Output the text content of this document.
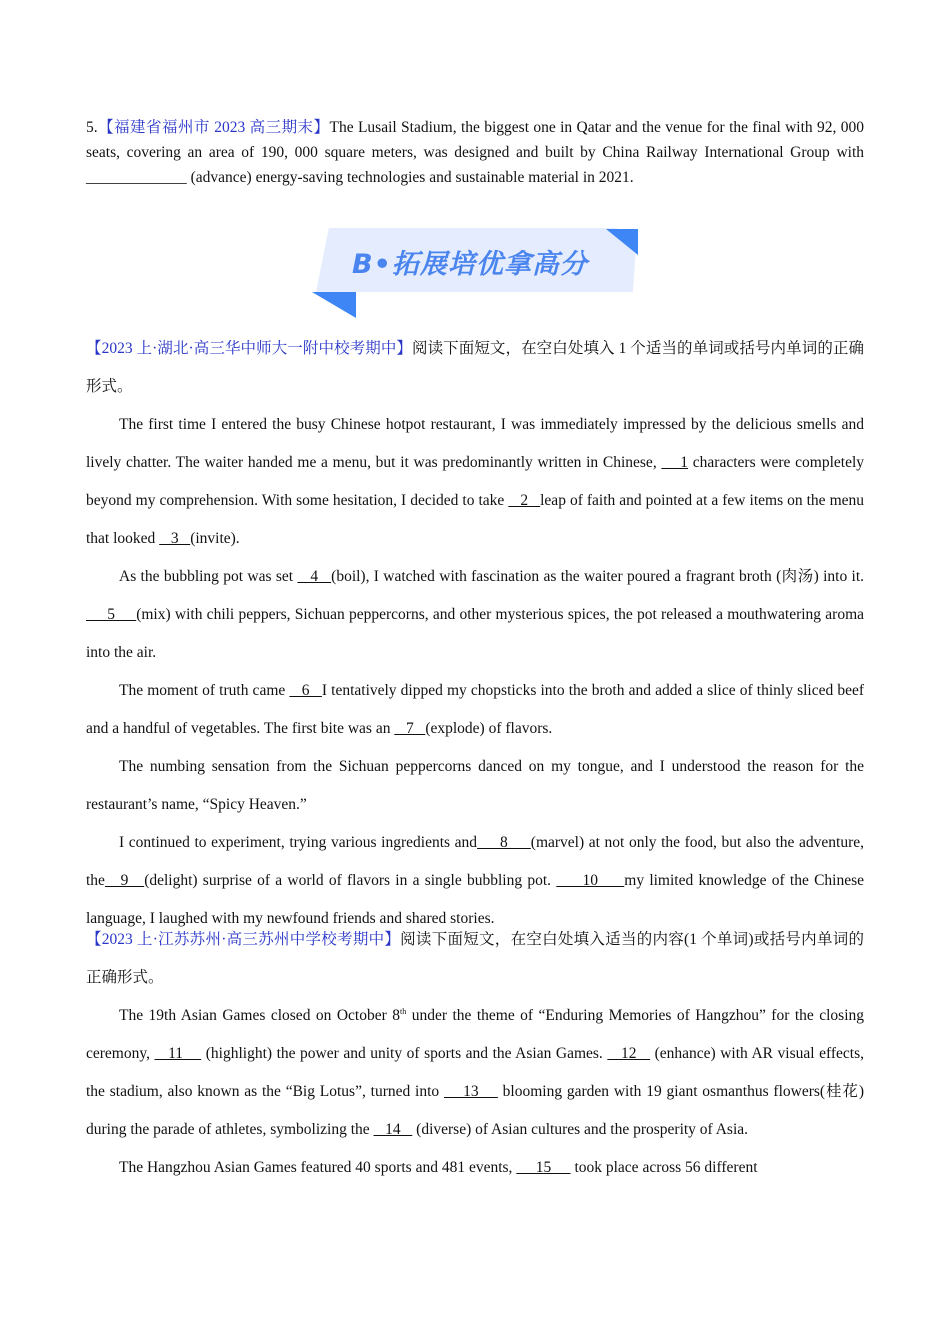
5.【福建省福州市 2023 高三期末】The Lusail Stadium, the biggest one in Qatar and the venue for the final with 92, 000 seats, covering an area of 190, 000 square meters, was designed and built by China Railway International Group with _____________ (advance) energy-saving technologies and sustainable material in 2021.
B•拓展培优拿高分
【2023 上·湖北·高三华中师大一附中校考期中】阅读下面短文，在空白处填入 1 个适当的单词或括号内单词的正确形式。

The first time I entered the busy Chinese hotpot restaurant, I was immediately impressed by the delicious smells and lively chatter. The waiter handed me a menu, but it was predominantly written in Chinese,     1 characters were completely beyond my comprehension. With some hesitation, I decided to take    2   leap of faith and pointed at a few items on the menu that looked    3   (invite).

As the bubbling pot was set    4   (boil), I watched with fascination as the waiter poured a fragrant broth (肉汤) into it.      5     (mix) with chili peppers, Sichuan peppercorns, and other mysterious spices, the pot released a mouthwatering aroma into the air.

The moment of truth came    6   I tentatively dipped my chopsticks into the broth and added a slice of thinly sliced beef and a handful of vegetables. The first bite was an    7   (explode) of flavors.

The numbing sensation from the Sichuan peppercorns danced on my tongue, and I understood the reason for the restaurant’s name, “Spicy Heaven.”

I continued to experiment, trying various ingredients and     8     (marvel) at not only the food, but also the adventure, the   9   (delight) surprise of a world of flavors in a single bubbling pot.      10     my limited knowledge of the Chinese language, I laughed with my newfound friends and shared stories.

【2023 上·江苏苏州·高三苏州中学校考期中】阅读下面短文，在空白处填入适当的内容(1 个单词)或括号内单词的正确形式。

The 19th Asian Games closed on October 8th under the theme of “Enduring Memories of Hangzhou” for the closing ceremony,    11     (highlight) the power and unity of sports and the Asian Games.    12    (enhance) with AR visual effects, the stadium, also known as the “Big Lotus”, turned into     13     blooming garden with 19 giant osmanthus flowers(桂花) during the parade of athletes, symbolizing the    14    (diverse) of Asian cultures and the prosperity of Asia.

The Hangzhou Asian Games featured 40 sports and 481 events,      15      took place across 56 different
